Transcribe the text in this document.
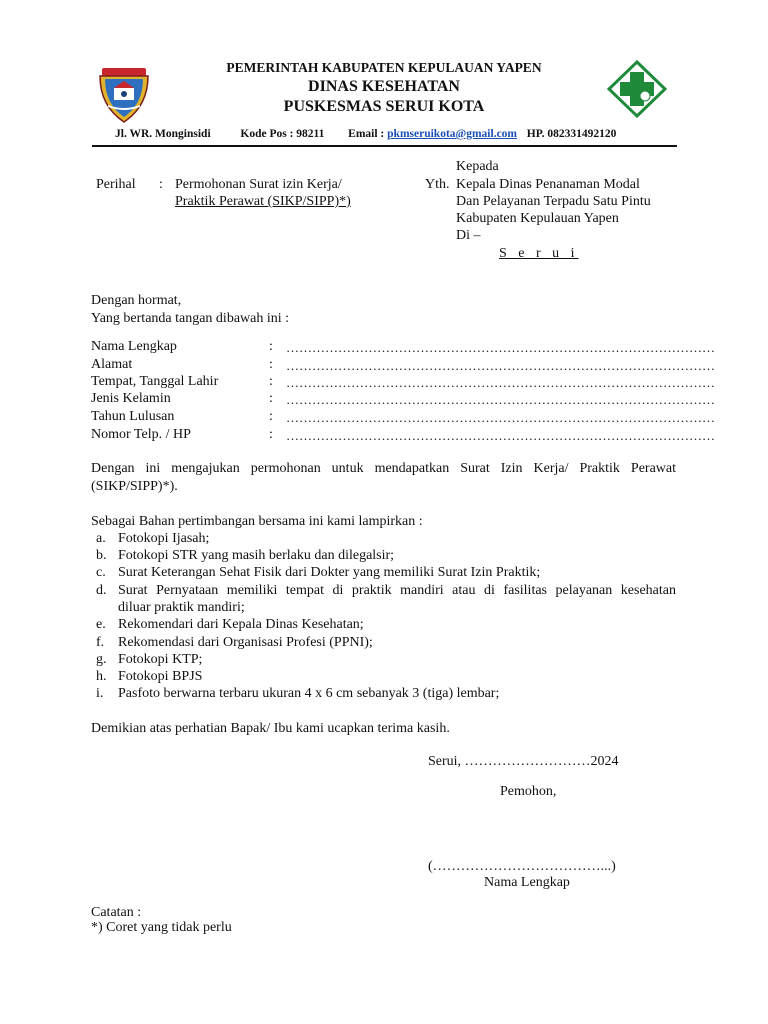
PEMERINTAH KABUPATEN KEPULAUAN YAPEN
DINAS KESEHATAN
PUSKESMAS SERUI KOTA
Jl. WR. Monginsidi	Kode Pos : 98211 Email : pkmseruikota@gmail.com HP. 082331492120
Perihal : Permohonan Surat izin Kerja/
Praktik Perawat (SIKP/SIPP)*)
Kepada
Yth. Kepala Dinas Penanaman Modal
Dan Pelayanan Terpadu Satu Pintu
Kabupaten Kepulauan Yapen
Di –
S e r u i
Dengan hormat,
Yang bertanda tangan dibawah ini :
Nama Lengkap	: ………………………………………………………………………………………
Alamat	: ………………………………………………………………………………………
Tempat, Tanggal Lahir	: ………………………………………………………………………………………
Jenis Kelamin	: ………………………………………………………………………………………
Tahun Lulusan	: ………………………………………………………………………………………
Nomor Telp. / HP	: ………………………………………………………………………………………
Dengan ini mengajukan permohonan untuk mendapatkan Surat Izin Kerja/ Praktik Perawat
(SIKP/SIPP)*).
Sebagai Bahan pertimbangan bersama ini kami lampirkan :
a. Fotokopi Ijasah;
b. Fotokopi STR yang masih berlaku dan dilegalsir;
c. Surat Keterangan Sehat Fisik dari Dokter yang memiliki Surat Izin Praktik;
d. Surat Pernyataan memiliki tempat di praktik mandiri atau di fasilitas pelayanan kesehatan
diluar praktik mandiri;
e. Rekomendari dari Kepala Dinas Kesehatan;
f. Rekomendasi dari Organisasi Profesi (PPNI);
g. Fotokopi KTP;
h. Fotokopi BPJS
i. Pasfoto berwarna terbaru ukuran 4 x 6 cm sebanyak 3 (tiga) lembar;
Demikian atas perhatian Bapak/ Ibu kami ucapkan terima kasih.
Serui, ………………………2024
Pemohon,
(………………………………...)
Nama Lengkap
Catatan :
*) Coret yang tidak perlu
